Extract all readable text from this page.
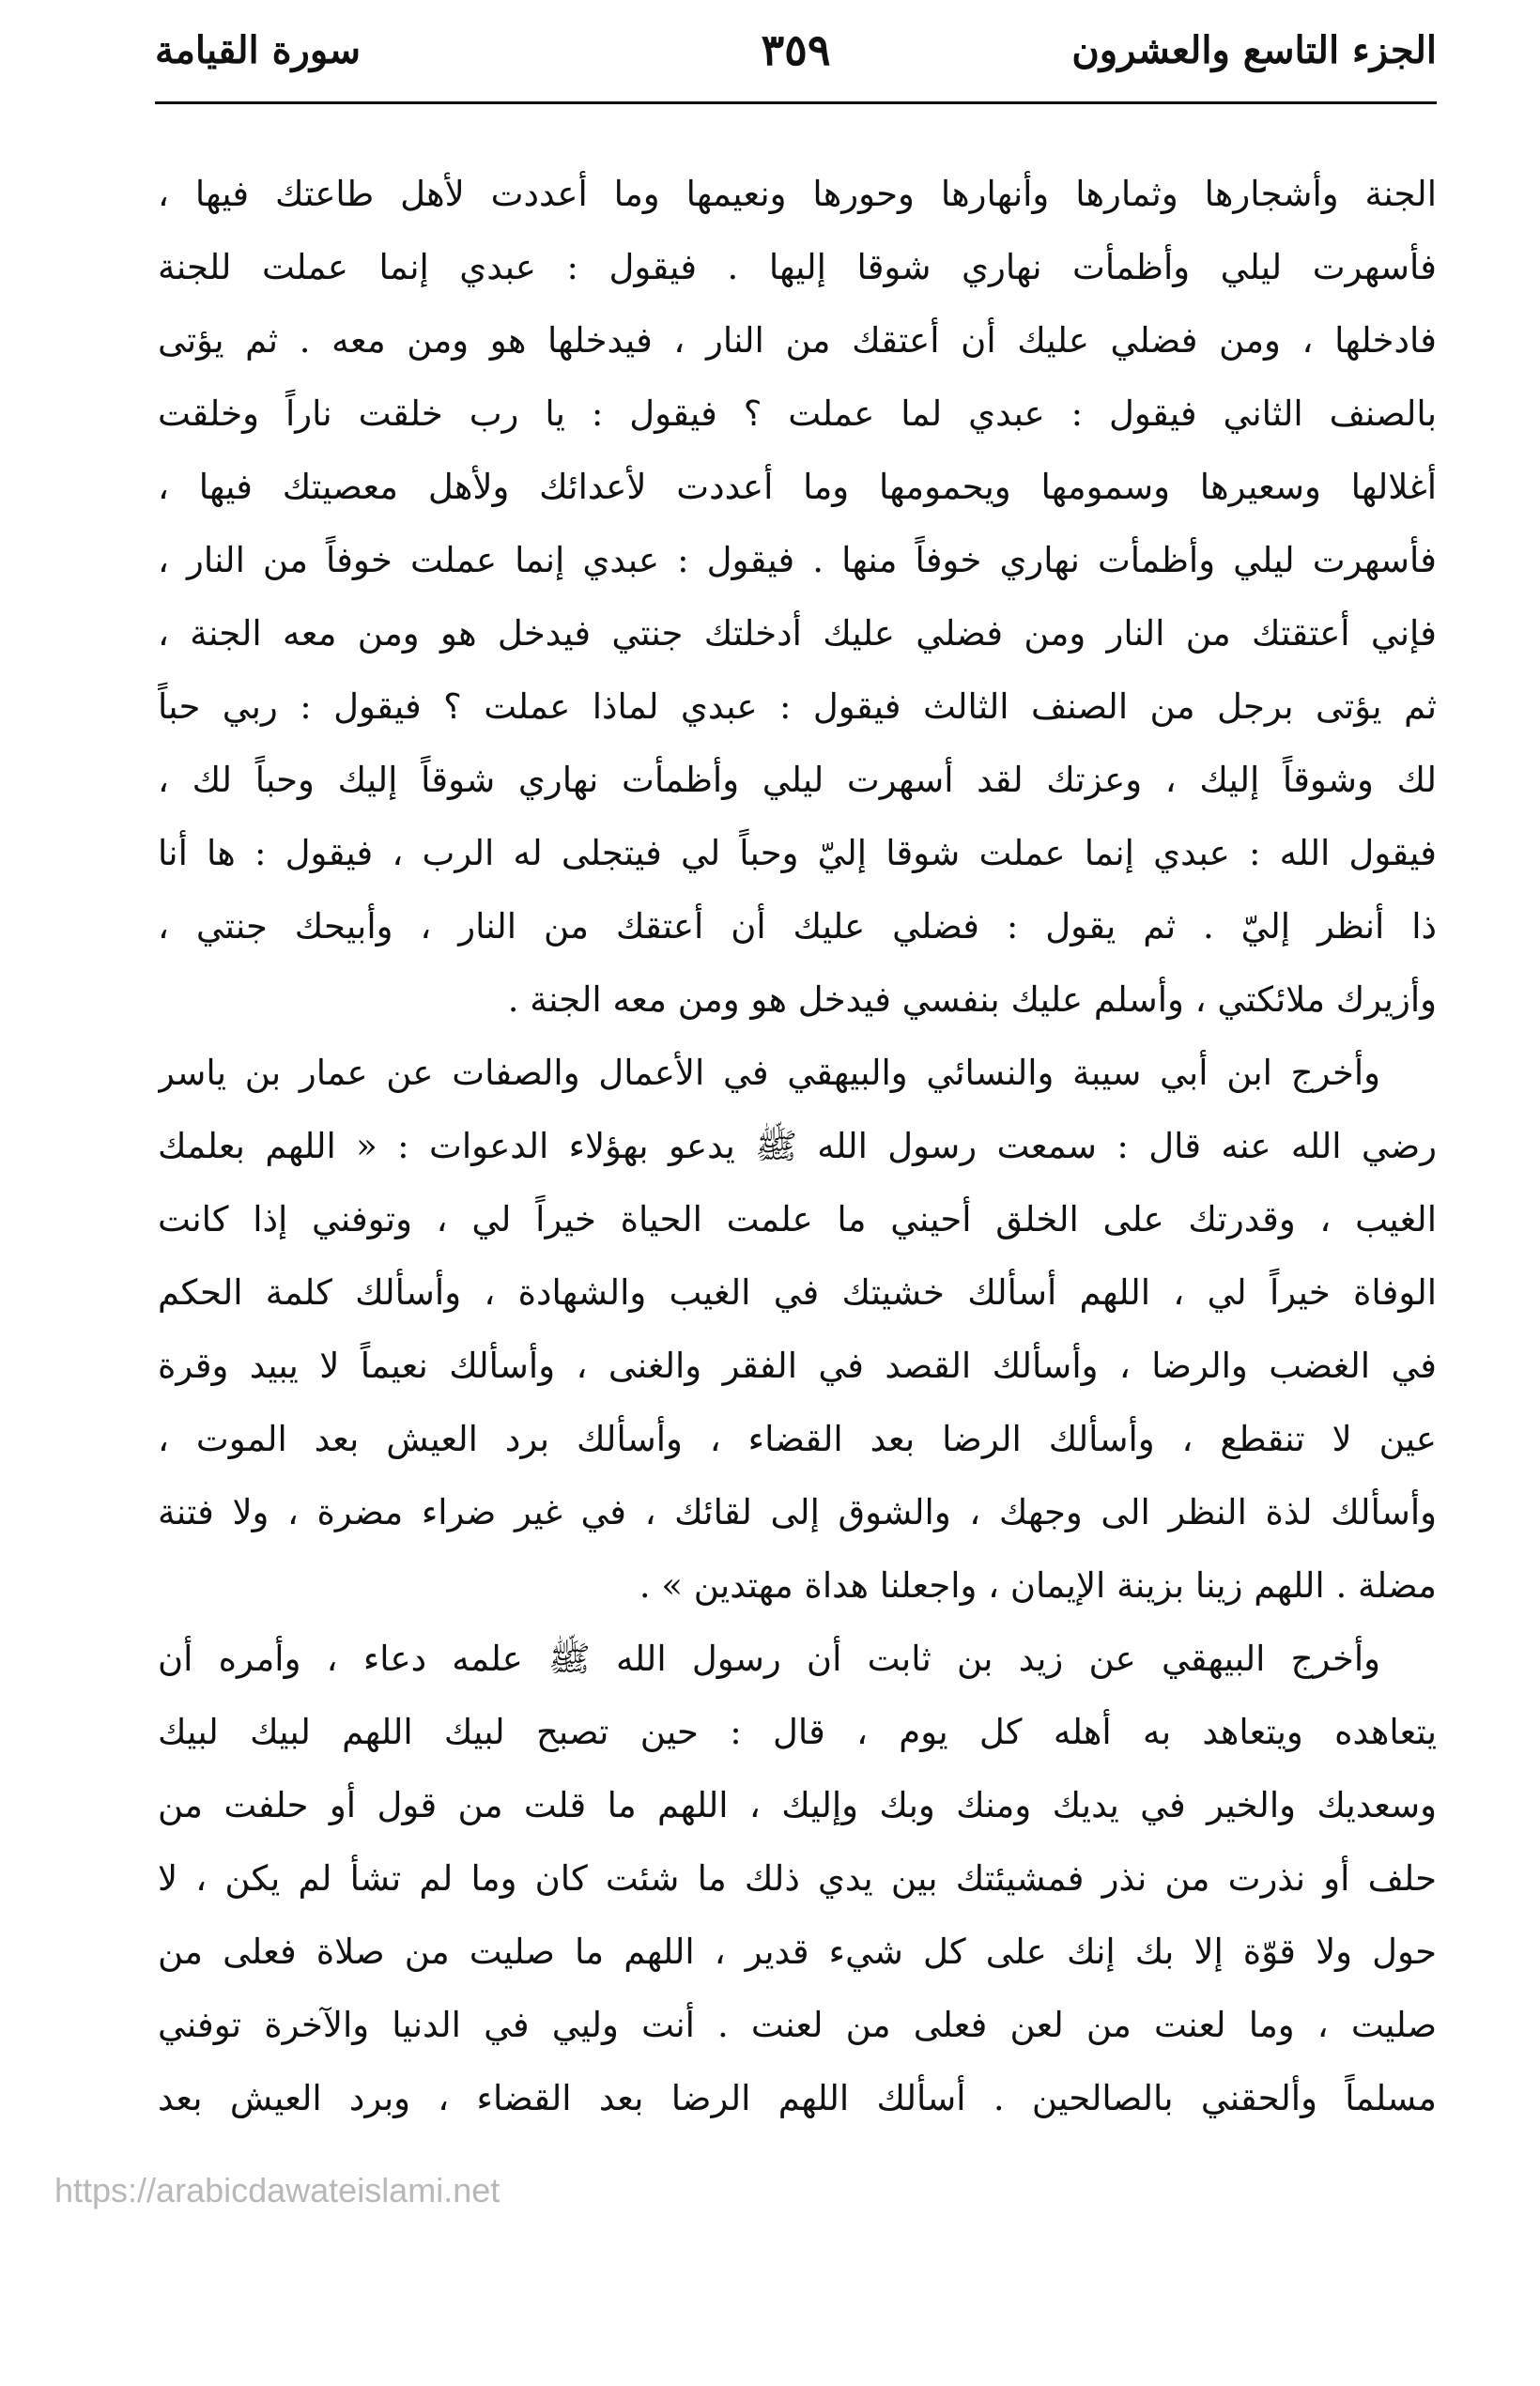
الجزء التاسع والعشرون
٣٥٩
سورة القيامة
الجنة وأشجارها وثمارها وأنهارها وحورها ونعيمها وما أعددت لأهل طاعتك فيها ،
فأسهرت ليلي وأظمأت نهاري شوقا إليها . فيقول : عبدي إنما عملت للجنة
فادخلها ، ومن فضلي عليك أن أعتقك من النار ، فيدخلها هو ومن معه . ثم يؤتى
بالصنف الثاني فيقول : عبدي لما عملت ؟ فيقول : يا رب خلقت ناراً وخلقت
أغلالها وسعيرها وسمومها ويحمومها وما أعددت لأعدائك ولأهل معصيتك فيها ،
فأسهرت ليلي وأظمأت نهاري خوفاً منها . فيقول : عبدي إنما عملت خوفاً من النار ،
فإني أعتقتك من النار ومن فضلي عليك أدخلتك جنتي فيدخل هو ومن معه الجنة ،
ثم يؤتى برجل من الصنف الثالث فيقول : عبدي لماذا عملت ؟ فيقول : ربي حباً
لك وشوقاً إليك ، وعزتك لقد أسهرت ليلي وأظمأت نهاري شوقاً إليك وحباً لك ،
فيقول الله : عبدي إنما عملت شوقا إليّ وحباً لي فيتجلى له الرب ، فيقول : ها أنا
ذا أنظر إليّ . ثم يقول : فضلي عليك أن أعتقك من النار ، وأبيحك جنتي ،
وأزيرك ملائكتي ، وأسلم عليك بنفسي فيدخل هو ومن معه الجنة .
وأخرج ابن أبي سيبة والنسائي والبيهقي في الأعمال والصفات عن عمار بن ياسر
رضي الله عنه قال : سمعت رسول الله ﷺ يدعو بهؤلاء الدعوات : « اللهم بعلمك
الغيب ، وقدرتك على الخلق أحيني ما علمت الحياة خيراً لي ، وتوفني إذا كانت
الوفاة خيراً لي ، اللهم أسألك خشيتك في الغيب والشهادة ، وأسألك كلمة الحكم
في الغضب والرضا ، وأسألك القصد في الفقر والغنى ، وأسألك نعيماً لا يبيد وقرة
عين لا تنقطع ، وأسألك الرضا بعد القضاء ، وأسألك برد العيش بعد الموت ،
وأسألك لذة النظر الى وجهك ، والشوق إلى لقائك ، في غير ضراء مضرة ، ولا فتنة
مضلة . اللهم زينا بزينة الإيمان ، واجعلنا هداة مهتدين » .
وأخرج البيهقي عن زيد بن ثابت أن رسول الله ﷺ علمه دعاء ، وأمره أن
يتعاهده ويتعاهد به أهله كل يوم ، قال : حين تصبح لبيك اللهم لبيك لبيك
وسعديك والخير في يديك ومنك وبك وإليك ، اللهم ما قلت من قول أو حلفت من
حلف أو نذرت من نذر فمشيئتك بين يدي ذلك ما شئت كان وما لم تشأ لم يكن ، لا
حول ولا قوّة إلا بك إنك على كل شيء قدير ، اللهم ما صليت من صلاة فعلى من
صليت ، وما لعنت من لعن فعلى من لعنت . أنت وليي في الدنيا والآخرة توفني
مسلماً وألحقني بالصالحين . أسألك اللهم الرضا بعد القضاء ، وبرد العيش بعد
https://arabicdawateislami.net
